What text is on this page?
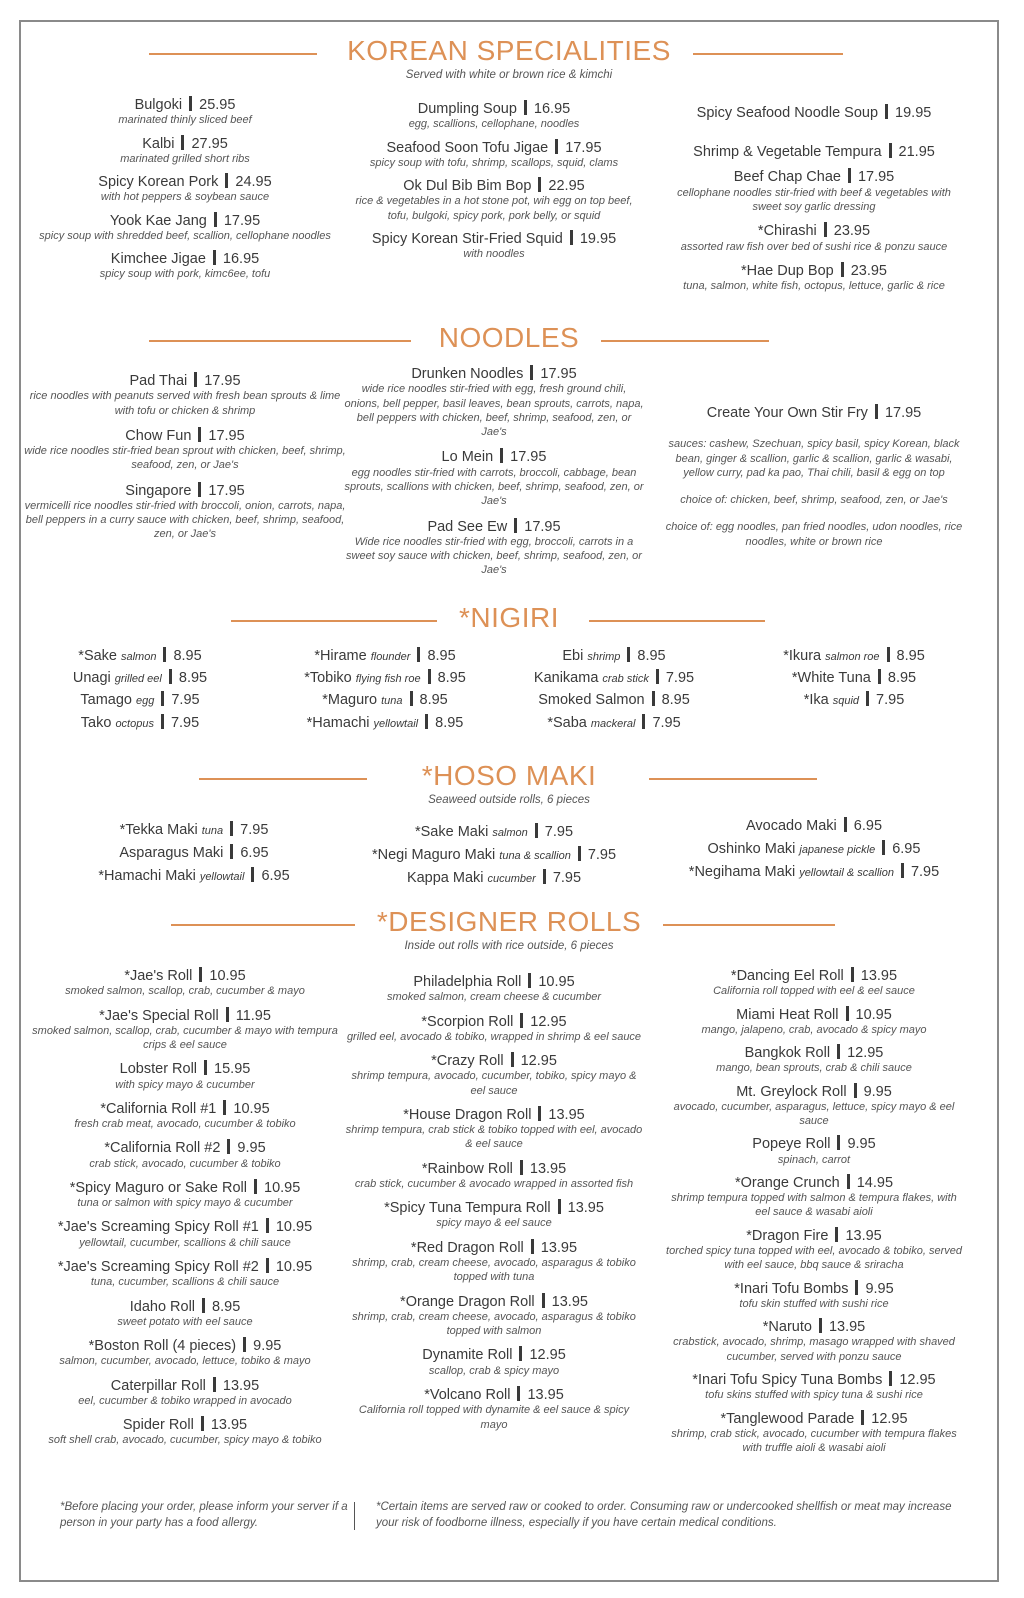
KOREAN SPECIALITIES
Served with white or brown rice & kimchi
Bulgoki 25.95
marinated thinly sliced beef
Kalbi 27.95
marinated grilled short ribs
Spicy Korean Pork 24.95
with hot peppers & soybean sauce
Yook Kae Jang 17.95
spicy soup with shredded beef, scallion, cellophane noodles
Kimchee Jigae 16.95
spicy soup with pork, kimc6ee, tofu
Dumpling Soup 16.95
egg, scallions, cellophane, noodles
Seafood Soon Tofu Jigae 17.95
spicy soup with tofu, shrimp, scallops, squid, clams
Ok Dul Bib Bim Bop 22.95
rice & vegetables in a hot stone pot, wih egg on top beef, tofu, bulgoki, spicy pork, pork belly, or squid
Spicy Korean Stir-Fried Squid 19.95
with noodles
Spicy Seafood Noodle Soup 19.95
Shrimp & Vegetable Tempura 21.95
Beef Chap Chae 17.95
cellophane noodles stir-fried with beef & vegetables with sweet soy garlic dressing
*Chirashi 23.95
assorted raw fish over bed of sushi rice & ponzu sauce
*Hae Dup Bop 23.95
tuna, salmon, white fish, octopus, lettuce, garlic & rice
NOODLES
Pad Thai 17.95
rice noodles with peanuts served with fresh bean sprouts & lime with tofu or chicken & shrimp
Chow Fun 17.95
wide rice noodles stir-fried bean sprout with chicken, beef, shrimp, seafood, zen, or Jae's
Singapore 17.95
vermicelli rice noodles stir-fried with broccoli, onion, carrots, napa, bell peppers in a curry sauce with chicken, beef, shrimp, seafood, zen, or Jae's
Drunken Noodles 17.95
wide rice noodles stir-fried with egg, fresh ground chili, onions, bell pepper, basil leaves, bean sprouts, carrots, napa, bell peppers with chicken, beef, shrimp, seafood, zen, or Jae's
Lo Mein 17.95
egg noodles stir-fried with carrots, broccoli, cabbage, bean sprouts, scallions with chicken, beef, shrimp, seafood, zen, or Jae's
Pad See Ew 17.95
Wide rice noodles stir-fried with egg, broccoli, carrots in a sweet soy sauce with chicken, beef, shrimp, seafood, zen, or Jae's
Create Your Own Stir Fry 17.95
sauces: cashew, Szechuan, spicy basil, spicy Korean, black bean, ginger & scallion, garlic & scallion, garlic & wasabi, yellow curry, pad ka pao, Thai chili, basil & egg on top
choice of: chicken, beef, shrimp, seafood, zen, or Jae's
choice of: egg noodles, pan fried noodles, udon noodles, rice noodles, white or brown rice
*NIGIRI
*Sake salmon 8.95
Unagi grilled eel 8.95
Tamago egg 7.95
Tako octopus 7.95
*Hirame flounder 8.95
*Tobiko flying fish roe 8.95
*Maguro tuna 8.95
*Hamachi yellowtail 8.95
Ebi shrimp 8.95
Kanikama crab stick 7.95
Smoked Salmon 8.95
*Saba mackeral 7.95
*Ikura salmon roe 8.95
*White Tuna 8.95
*Ika squid 7.95
*HOSO MAKI
Seaweed outside rolls, 6 pieces
*Tekka Maki tuna 7.95
Asparagus Maki 6.95
*Hamachi Maki yellowtail 6.95
*Sake Maki salmon 7.95
*Negi Maguro Maki tuna & scallion 7.95
Kappa Maki cucumber 7.95
Avocado Maki 6.95
Oshinko Maki japanese pickle 6.95
*Negihama Maki yellowtail & scallion 7.95
*DESIGNER ROLLS
Inside out rolls with rice outside, 6 pieces
*Jae's Roll 10.95
smoked salmon, scallop, crab, cucumber & mayo
*Jae's Special Roll 11.95
smoked salmon, scallop, crab, cucumber & mayo with tempura crips & eel sauce
Lobster Roll 15.95
with spicy mayo & cucumber
*California Roll #1 10.95
fresh crab meat, avocado, cucumber & tobiko
*California Roll #2 9.95
crab stick, avocado, cucumber & tobiko
*Spicy Maguro or Sake Roll 10.95
tuna or salmon with spicy mayo & cucumber
*Jae's Screaming Spicy Roll #1 10.95
yellowtail, cucumber, scallions & chili sauce
*Jae's Screaming Spicy Roll #2 10.95
tuna, cucumber, scallions & chili sauce
Idaho Roll 8.95
sweet potato with eel sauce
*Boston Roll (4 pieces) 9.95
salmon, cucumber, avocado, lettuce, tobiko & mayo
Caterpillar Roll 13.95
eel, cucumber & tobiko wrapped in avocado
Spider Roll 13.95
soft shell crab, avocado, cucumber, spicy mayo & tobiko
Philadelphia Roll 10.95
smoked salmon, cream cheese & cucumber
*Scorpion Roll 12.95
grilled eel, avocado & tobiko, wrapped in shrimp & eel sauce
*Crazy Roll 12.95
shrimp tempura, avocado, cucumber, tobiko, spicy mayo & eel sauce
*House Dragon Roll 13.95
shrimp tempura, crab stick & tobiko topped with eel, avocado & eel sauce
*Rainbow Roll 13.95
crab stick, cucumber & avocado wrapped in assorted fish
*Spicy Tuna Tempura Roll 13.95
spicy mayo & eel sauce
*Red Dragon Roll 13.95
shrimp, crab, cream cheese, avocado, asparagus & tobiko topped with tuna
*Orange Dragon Roll 13.95
shrimp, crab, cream cheese, avocado, asparagus & tobiko topped with salmon
Dynamite Roll 12.95
scallop, crab & spicy mayo
*Volcano Roll 13.95
California roll topped with dynamite & eel sauce & spicy mayo
*Dancing Eel Roll 13.95
California roll topped with eel & eel sauce
Miami Heat Roll 10.95
mango, jalapeno, crab, avocado & spicy mayo
Bangkok Roll 12.95
mango, bean sprouts, crab & chili sauce
Mt. Greylock Roll 9.95
avocado, cucumber, asparagus, lettuce, spicy mayo & eel sauce
Popeye Roll 9.95
spinach, carrot
*Orange Crunch 14.95
shrimp tempura topped with salmon & tempura flakes, with eel sauce & wasabi aioli
*Dragon Fire 13.95
torched spicy tuna topped with eel, avocado & tobiko, served with eel sauce, bbq sauce & sriracha
*Inari Tofu Bombs 9.95
tofu skin stuffed with sushi rice
*Naruto 13.95
crabstick, avocado, shrimp, masago wrapped with shaved cucumber, served with ponzu sauce
*Inari Tofu Spicy Tuna Bombs 12.95
tofu skins stuffed with spicy tuna & sushi rice
*Tanglewood Parade 12.95
shrimp, crab stick, avocado, cucumber with tempura flakes with truffle aioli & wasabi aioli
*Before placing your order, please inform your server if a person in your party has a food allergy.
*Certain items are served raw or cooked to order. Consuming raw or undercooked shellfish or meat may increase your risk of foodborne illness, especially if you have certain medical conditions.
